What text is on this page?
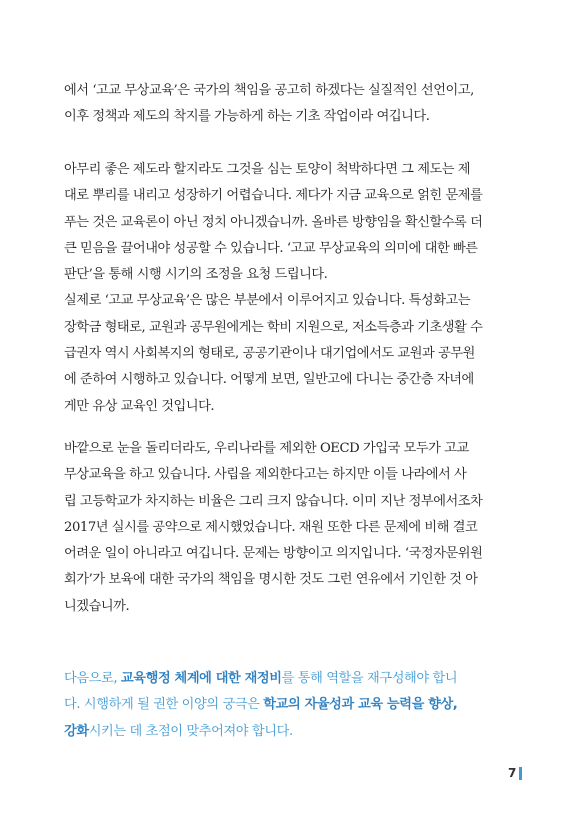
에서 ‘고교 무상교육’은 국가의 책임을 공고히 하겠다는 실질적인 선언이고,
이후 정책과 제도의 착지를 가능하게 하는 기초 작업이라 여깁니다.
아무리 좋은 제도라 할지라도 그것을 심는 토양이 척박하다면 그 제도는 제
대로 뿌리를 내리고 성장하기 어렵습니다. 제다가 지금 교육으로 얽힌 문제를
푸는 것은 교육론이 아닌 정치 아니겠습니까. 올바른 방향임을 확신할수록 더
큰 믿음을 끌어내야 성공할 수 있습니다. ‘고교 무상교육의 의미에 대한 빠른
판단’을 통해 시행 시기의 조정을 요청 드립니다.
실제로 ‘고교 무상교육’은 많은 부분에서 이루어지고 있습니다. 특성화고는
장학금 형태로, 교원과 공무원에게는 학비 지원으로, 저소득층과 기초생활 수
급권자 역시 사회복지의 형태로, 공공기관이나 대기업에서도 교원과 공무원
에 준하여 시행하고 있습니다. 어떻게 보면, 일반고에 다니는 중간층 자녀에
게만 유상 교육인 것입니다.
바깥으로 눈을 돌리더라도, 우리나라를 제외한 OECD 가입국 모두가 고교
무상교육을 하고 있습니다. 사립을 제외한다고는 하지만 이들 나라에서 사
립 고등학교가 차지하는 비율은 그리 크지 않습니다. 이미 지난 정부에서조차
2017년 실시를 공약으로 제시했었습니다. 재원 또한 다른 문제에 비해 결코
어려운 일이 아니라고 여깁니다. 문제는 방향이고 의지입니다. ‘국정자문위원
회가’가 보육에 대한 국가의 책임을 명시한 것도 그런 연유에서 기인한 것 아
니겠습니까.
다음으로, 교육행정 체계에 대한 재정비를 통해 역할을 재구성해야 합니
다. 시행하게 될 권한 이양의 궁극은 학교의 자율성과 교육 능력을 향상,
강화시키는 데 초점이 맞추어져야 합니다.
7
